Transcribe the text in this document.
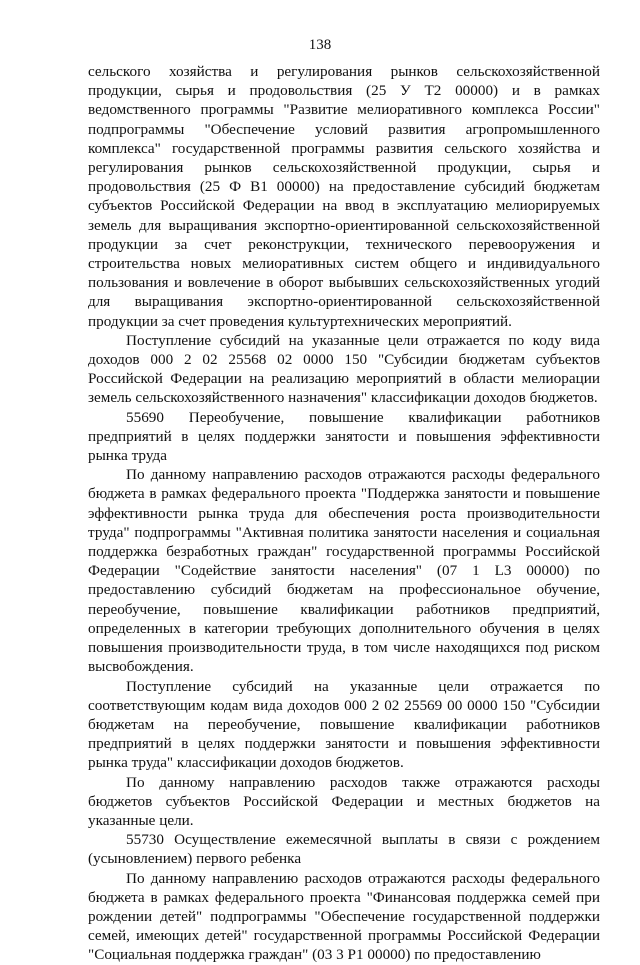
138

сельского хозяйства и регулирования рынков сельскохозяйственной продукции, сырья и продовольствия (25 У Т2 00000) и в рамках ведомственного программы "Развитие мелиоративного комплекса России" подпрограммы "Обеспечение условий развития агропромышленного комплекса" государственной программы развития сельского хозяйства и регулирования рынков сельскохозяйственной продукции, сырья и продовольствия (25 Ф В1 00000) на предоставление субсидий бюджетам субъектов Российской Федерации на ввод в эксплуатацию мелиорируемых земель для выращивания экспортно-ориентированной сельскохозяйственной продукции за счет реконструкции, технического перевооружения и строительства новых мелиоративных систем общего и индивидуального пользования и вовлечение в оборот выбывших сельскохозяйственных угодий для выращивания экспортно-ориентированной сельскохозяйственной продукции за счет проведения культуртехнических мероприятий.

Поступление субсидий на указанные цели отражается по коду вида доходов 000 2 02 25568 02 0000 150 "Субсидии бюджетам субъектов Российской Федерации на реализацию мероприятий в области мелиорации земель сельскохозяйственного назначения" классификации доходов бюджетов.

55690 Переобучение, повышение квалификации работников предприятий в целях поддержки занятости и повышения эффективности рынка труда

По данному направлению расходов отражаются расходы федерального бюджета в рамках федерального проекта "Поддержка занятости и повышение эффективности рынка труда для обеспечения роста производительности труда" подпрограммы "Активная политика занятости населения и социальная поддержка безработных граждан" государственной программы Российской Федерации "Содействие занятости населения" (07 1 L3 00000) по предоставлению субсидий бюджетам на профессиональное обучение, переобучение, повышение квалификации работников предприятий, определенных в категории требующих дополнительного обучения в целях повышения производительности труда, в том числе находящихся под риском высвобождения.

Поступление субсидий на указанные цели отражается по соответствующим кодам вида доходов 000 2 02 25569 00 0000 150 "Субсидии бюджетам на переобучение, повышение квалификации работников предприятий в целях поддержки занятости и повышения эффективности рынка труда" классификации доходов бюджетов.

По данному направлению расходов также отражаются расходы бюджетов субъектов Российской Федерации и местных бюджетов на указанные цели.

55730 Осуществление ежемесячной выплаты в связи с рождением (усыновлением) первого ребенка

По данному направлению расходов отражаются расходы федерального бюджета в рамках федерального проекта "Финансовая поддержка семей при рождении детей" подпрограммы "Обеспечение государственной поддержки семей, имеющих детей" государственной программы Российской Федерации "Социальная поддержка граждан" (03 3 Р1 00000) по предоставлению
